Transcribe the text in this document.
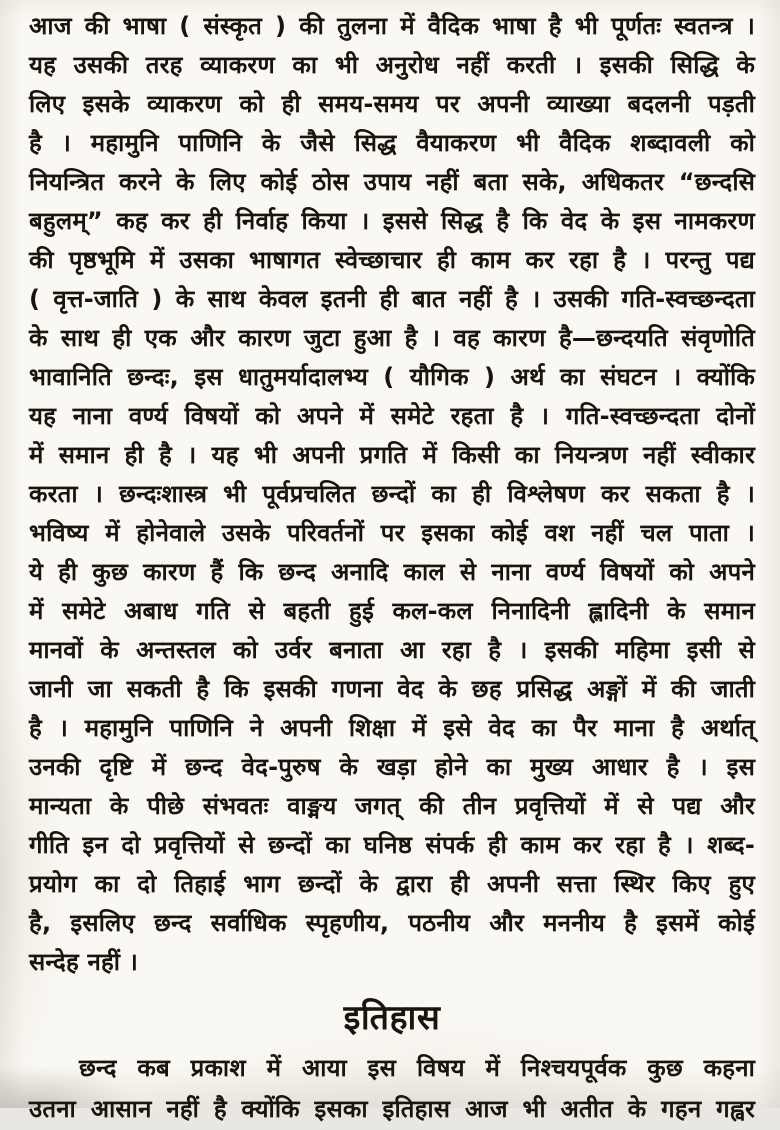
आज की भाषा ( संस्कृत ) की तुलना में वैदिक भाषा है भी पूर्णतः स्वतन्त्र ।
यह उसकी तरह व्याकरण का भी अनुरोध नहीं करती । इसकी सिद्धि के
लिए इसके व्याकरण को ही समय-समय पर अपनी व्याख्या बदलनी पड़ती
है । महामुनि पाणिनि के जैसे सिद्ध वैयाकरण भी वैदिक शब्दावली को
नियन्त्रित करने के लिए कोई ठोस उपाय नहीं बता सके, अधिकतर “छन्दसि
बहुलम्” कह कर ही निर्वाह किया । इससे सिद्ध है कि वेद के इस नामकरण
की पृष्ठभूमि में उसका भाषागत स्वेच्छाचार ही काम कर रहा है । परन्तु पद्य
( वृत्त-जाति ) के साथ केवल इतनी ही बात नहीं है । उसकी गति-स्वच्छन्दता
के साथ ही एक और कारण जुटा हुआ है । वह कारण है—छन्दयति संवृणोति
भावानिति छन्दः, इस धातुमर्यादालभ्य ( यौगिक ) अर्थ का संघटन । क्योंकि
यह नाना वर्ण्य विषयों को अपने में समेटे रहता है । गति-स्वच्छन्दता दोनों
में समान ही है । यह भी अपनी प्रगति में किसी का नियन्त्रण नहीं स्वीकार
करता । छन्दःशास्त्र भी पूर्वप्रचलित छन्दों का ही विश्लेषण कर सकता है ।
भविष्य में होनेवाले उसके परिवर्तनों पर इसका कोई वश नहीं चल पाता ।
ये ही कुछ कारण हैं कि छन्द अनादि काल से नाना वर्ण्य विषयों को अपने
में समेटे अबाध गति से बहती हुई कल-कल निनादिनी ह्लादिनी के समान
मानवों के अन्तस्तल को उर्वर बनाता आ रहा है । इसकी महिमा इसी से
जानी जा सकती है कि इसकी गणना वेद के छह प्रसिद्ध अङ्गों में की जाती
है । महामुनि पाणिनि ने अपनी शिक्षा में इसे वेद का पैर माना है अर्थात्
उनकी दृष्टि में छन्द वेद-पुरुष के खड़ा होने का मुख्य आधार है । इस
मान्यता के पीछे संभवतः वाङ्मय जगत् की तीन प्रवृत्तियों में से पद्य और
गीति इन दो प्रवृत्तियों से छन्दों का घनिष्ठ संपर्क ही काम कर रहा है । शब्द-
प्रयोग का दो तिहाई भाग छन्दों के द्वारा ही अपनी सत्ता स्थिर किए हुए
है, इसलिए छन्द सर्वाधिक स्पृहणीय, पठनीय और मननीय है इसमें कोई
सन्देह नहीं ।
इतिहास
छन्द कब प्रकाश में आया इस विषय में निश्चयपूर्वक कुछ कहना
उतना आसान नहीं है क्योंकि इसका इतिहास आज भी अतीत के गहन गह्वर
